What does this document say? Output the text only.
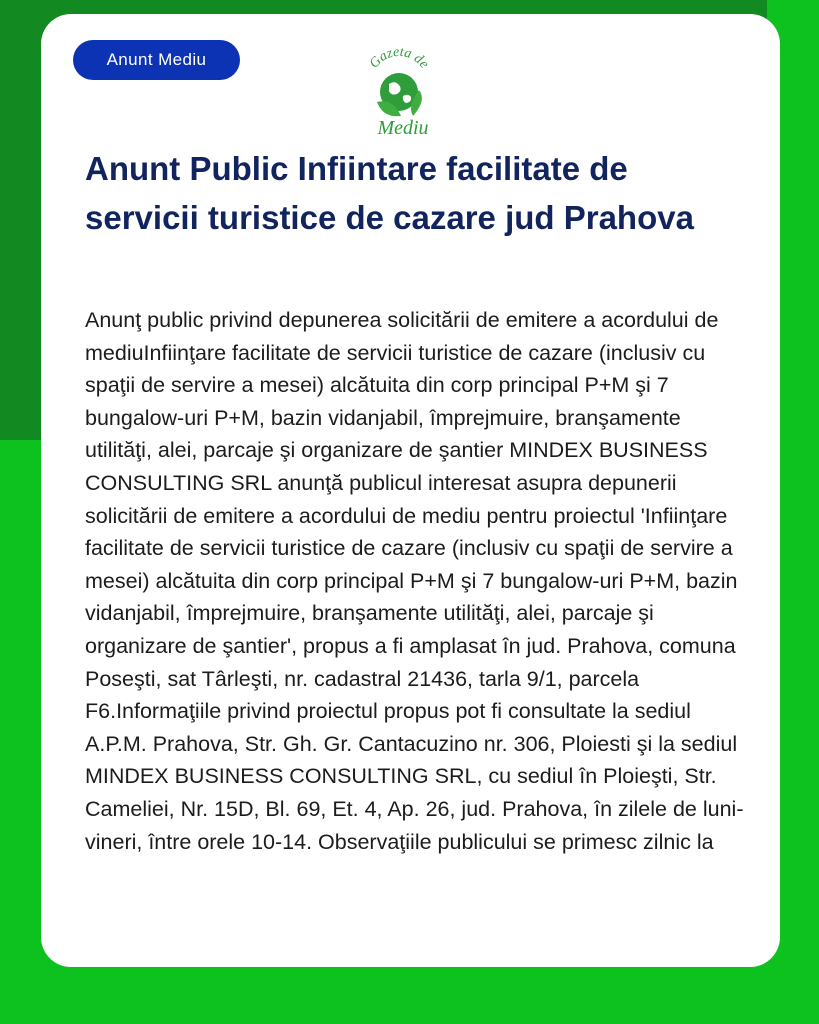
Anunt Mediu	Gazeta de
Mediu
Anunt Public Infiintare facilitate de servicii turistice de cazare jud Prahova

Anunţ public privind depunerea solicitării de emitere a acordului de mediuInfiinţare facilitate de servicii turistice de cazare (inclusiv cu spaţii de servire a mesei) alcătuita din corp principal P+M şi 7 bungalow-uri P+M, bazin vidanjabil, împrejmuire, branşamente utilităţi, alei, parcaje şi organizare de şantier MINDEX BUSINESS CONSULTING SRL anunţă publicul interesat asupra depunerii solicitării de emitere a acordului de mediu pentru proiectul 'Infiinţare facilitate de servicii turistice de cazare (inclusiv cu spaţii de servire a mesei) alcătuita din corp principal P+M şi 7 bungalow-uri P+M, bazin vidanjabil, împrejmuire, branşamente utilităţi, alei, parcaje şi organizare de şantier', propus a fi amplasat în jud. Prahova, comuna Poseşti, sat Târleşti, nr. cadastral 21436, tarla 9/1, parcela F6.Informaţiile privind proiectul propus pot fi consultate la sediul A.P.M. Prahova, Str. Gh. Gr. Cantacuzino nr. 306, Ploiesti şi la sediul MINDEX BUSINESS CONSULTING SRL, cu sediul în Ploieşti, Str. Cameliei, Nr. 15D, Bl. 69, Et. 4, Ap. 26, jud. Prahova, în zilele de luni-vineri, între orele 10-14. Observaţiile publicului se primesc zilnic la
